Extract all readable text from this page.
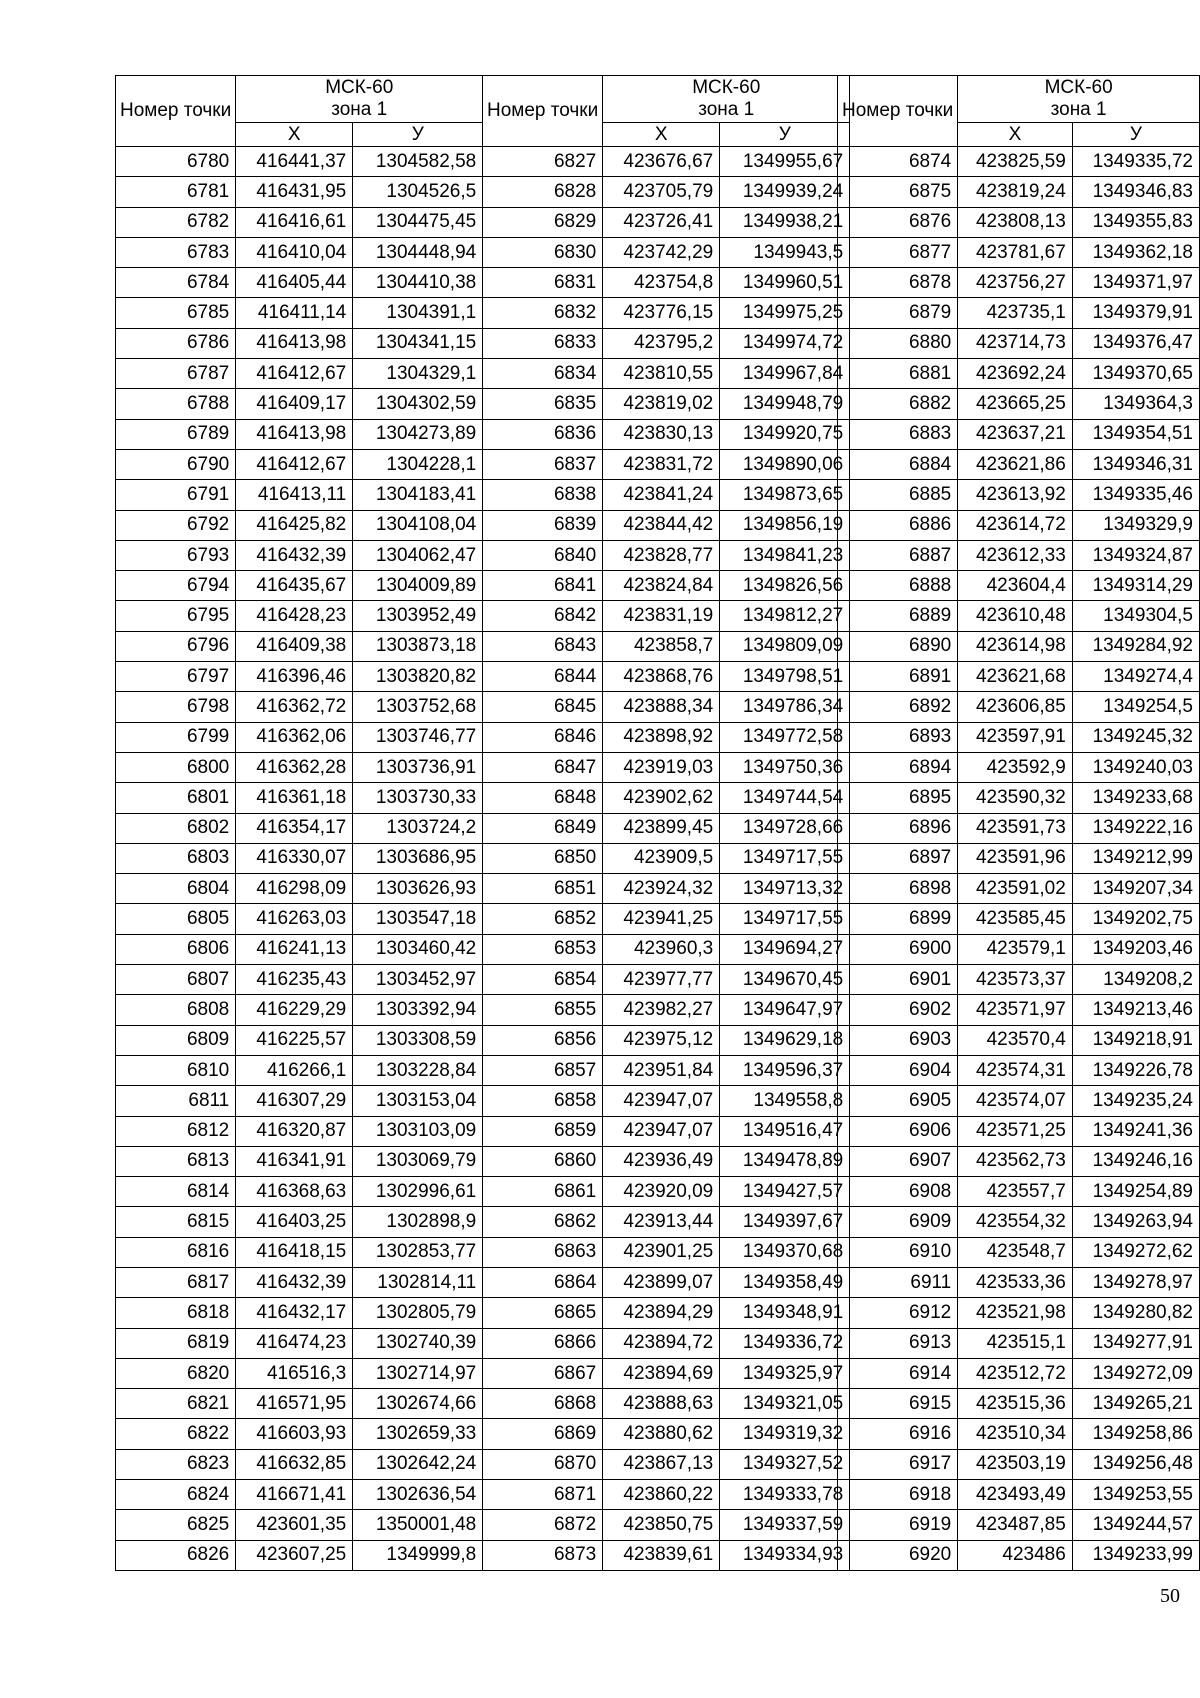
Номер точки	МСК-60
зона 1	
	Х	У
6780	416441,37	1304582,58
6781	416431,95	1304526,5
6782	416416,61	1304475,45
6783	416410,04	1304448,94
6784	416405,44	1304410,38
6785	416411,14	1304391,1
6786	416413,98	1304341,15
6787	416412,67	1304329,1
6788	416409,17	1304302,59
6789	416413,98	1304273,89
6790	416412,67	1304228,1
6791	416413,11	1304183,41
6792	416425,82	1304108,04
6793	416432,39	1304062,47
6794	416435,67	1304009,89
6795	416428,23	1303952,49
6796	416409,38	1303873,18
6797	416396,46	1303820,82
6798	416362,72	1303752,68
6799	416362,06	1303746,77
6800	416362,28	1303736,91
6801	416361,18	1303730,33
6802	416354,17	1303724,2
6803	416330,07	1303686,95
6804	416298,09	1303626,93
6805	416263,03	1303547,18
6806	416241,13	1303460,42
6807	416235,43	1303452,97
6808	416229,29	1303392,94
6809	416225,57	1303308,59
6810	416266,1	1303228,84
6811	416307,29	1303153,04
6812	416320,87	1303103,09
6813	416341,91	1303069,79
6814	416368,63	1302996,61
6815	416403,25	1302898,9
6816	416418,15	1302853,77
6817	416432,39	1302814,11
6818	416432,17	1302805,79
6819	416474,23	1302740,39
6820	416516,3	1302714,97
6821	416571,95	1302674,66
6822	416603,93	1302659,33
6823	416632,85	1302642,24
6824	416671,41	1302636,54
6825	423601,35	1350001,48
6826	423607,25	1349999,8
Номер точки	МСК-60
зона 1	
	Х	У
6827	423676,67	1349955,67
6828	423705,79	1349939,24
6829	423726,41	1349938,21
6830	423742,29	1349943,5
6831	423754,8	1349960,51
6832	423776,15	1349975,25
6833	423795,2	1349974,72
6834	423810,55	1349967,84
6835	423819,02	1349948,79
6836	423830,13	1349920,75
6837	423831,72	1349890,06
6838	423841,24	1349873,65
6839	423844,42	1349856,19
6840	423828,77	1349841,23
6841	423824,84	1349826,56
6842	423831,19	1349812,27
6843	423858,7	1349809,09
6844	423868,76	1349798,51
6845	423888,34	1349786,34
6846	423898,92	1349772,58
6847	423919,03	1349750,36
6848	423902,62	1349744,54
6849	423899,45	1349728,66
6850	423909,5	1349717,55
6851	423924,32	1349713,32
6852	423941,25	1349717,55
6853	423960,3	1349694,27
6854	423977,77	1349670,45
6855	423982,27	1349647,97
6856	423975,12	1349629,18
6857	423951,84	1349596,37
6858	423947,07	1349558,8
6859	423947,07	1349516,47
6860	423936,49	1349478,89
6861	423920,09	1349427,57
6862	423913,44	1349397,67
6863	423901,25	1349370,68
6864	423899,07	1349358,49
6865	423894,29	1349348,91
6866	423894,72	1349336,72
6867	423894,69	1349325,97
6868	423888,63	1349321,05
6869	423880,62	1349319,32
6870	423867,13	1349327,52
6871	423860,22	1349333,78
6872	423850,75	1349337,59
6873	423839,61	1349334,93
Номер точки	МСК-60
зона 1	
	Х	У
6874	423825,59	1349335,72
6875	423819,24	1349346,83
6876	423808,13	1349355,83
6877	423781,67	1349362,18
6878	423756,27	1349371,97
6879	423735,1	1349379,91
6880	423714,73	1349376,47
6881	423692,24	1349370,65
6882	423665,25	1349364,3
6883	423637,21	1349354,51
6884	423621,86	1349346,31
6885	423613,92	1349335,46
6886	423614,72	1349329,9
6887	423612,33	1349324,87
6888	423604,4	1349314,29
6889	423610,48	1349304,5
6890	423614,98	1349284,92
6891	423621,68	1349274,4
6892	423606,85	1349254,5
6893	423597,91	1349245,32
6894	423592,9	1349240,03
6895	423590,32	1349233,68
6896	423591,73	1349222,16
6897	423591,96	1349212,99
6898	423591,02	1349207,34
6899	423585,45	1349202,75
6900	423579,1	1349203,46
6901	423573,37	1349208,2
6902	423571,97	1349213,46
6903	423570,4	1349218,91
6904	423574,31	1349226,78
6905	423574,07	1349235,24
6906	423571,25	1349241,36
6907	423562,73	1349246,16
6908	423557,7	1349254,89
6909	423554,32	1349263,94
6910	423548,7	1349272,62
6911	423533,36	1349278,97
6912	423521,98	1349280,82
6913	423515,1	1349277,91
6914	423512,72	1349272,09
6915	423515,36	1349265,21
6916	423510,34	1349258,86
6917	423503,19	1349256,48
6918	423493,49	1349253,55
6919	423487,85	1349244,57
6920	423486	1349233,99
50
